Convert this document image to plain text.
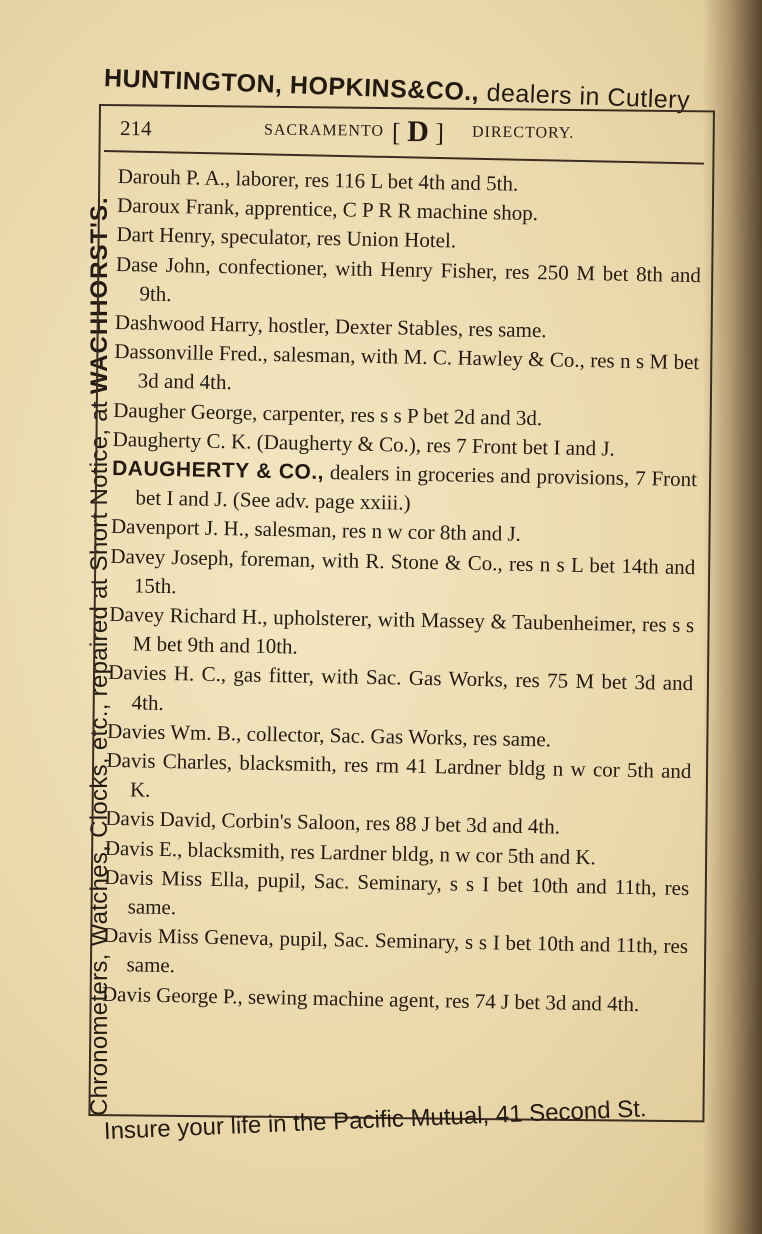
HUNTINGTON, HOPKINS&CO., dealers in Cutlery
Chronometers, Watches, Clocks, etc., repaired at Short Notice, at WACHHORST'S.
214	SACRAMENTO [ D ] DIRECTORY.
Darouh P. A., laborer, res 116 L bet 4th and 5th.
Daroux Frank, apprentice, C P R R machine shop.
Dart Henry, speculator, res Union Hotel.
Dase John, confectioner, with Henry Fisher, res 250 M bet 8th and 9th.
Dashwood Harry, hostler, Dexter Stables, res same.
Dassonville Fred., salesman, with M. C. Hawley & Co., res n s M bet 3d and 4th.
Daugher George, carpenter, res s s P bet 2d and 3d.
Daugherty C. K. (Daugherty & Co.), res 7 Front bet I and J.
DAUGHERTY & CO., dealers in groceries and provisions, 7 Front bet I and J. (See adv. page xxiii.)
Davenport J. H., salesman, res n w cor 8th and J.
Davey Joseph, foreman, with R. Stone & Co., res n s L bet 14th and 15th.
Davey Richard H., upholsterer, with Massey & Taubenheimer, res s s M bet 9th and 10th.
Davies H. C., gas fitter, with Sac. Gas Works, res 75 M bet 3d and 4th.
Davies Wm. B., collector, Sac. Gas Works, res same.
Davis Charles, blacksmith, res rm 41 Lardner bldg n w cor 5th and K.
Davis David, Corbin's Saloon, res 88 J bet 3d and 4th.
Davis E., blacksmith, res Lardner bldg, n w cor 5th and K.
Davis Miss Ella, pupil, Sac. Seminary, s s I bet 10th and 11th, res same.
Davis Miss Geneva, pupil, Sac. Seminary, s s I bet 10th and 11th, res same.
Davis George P., sewing machine agent, res 74 J bet 3d and 4th.
Insure your life in the Pacific Mutual, 41 Second St.
